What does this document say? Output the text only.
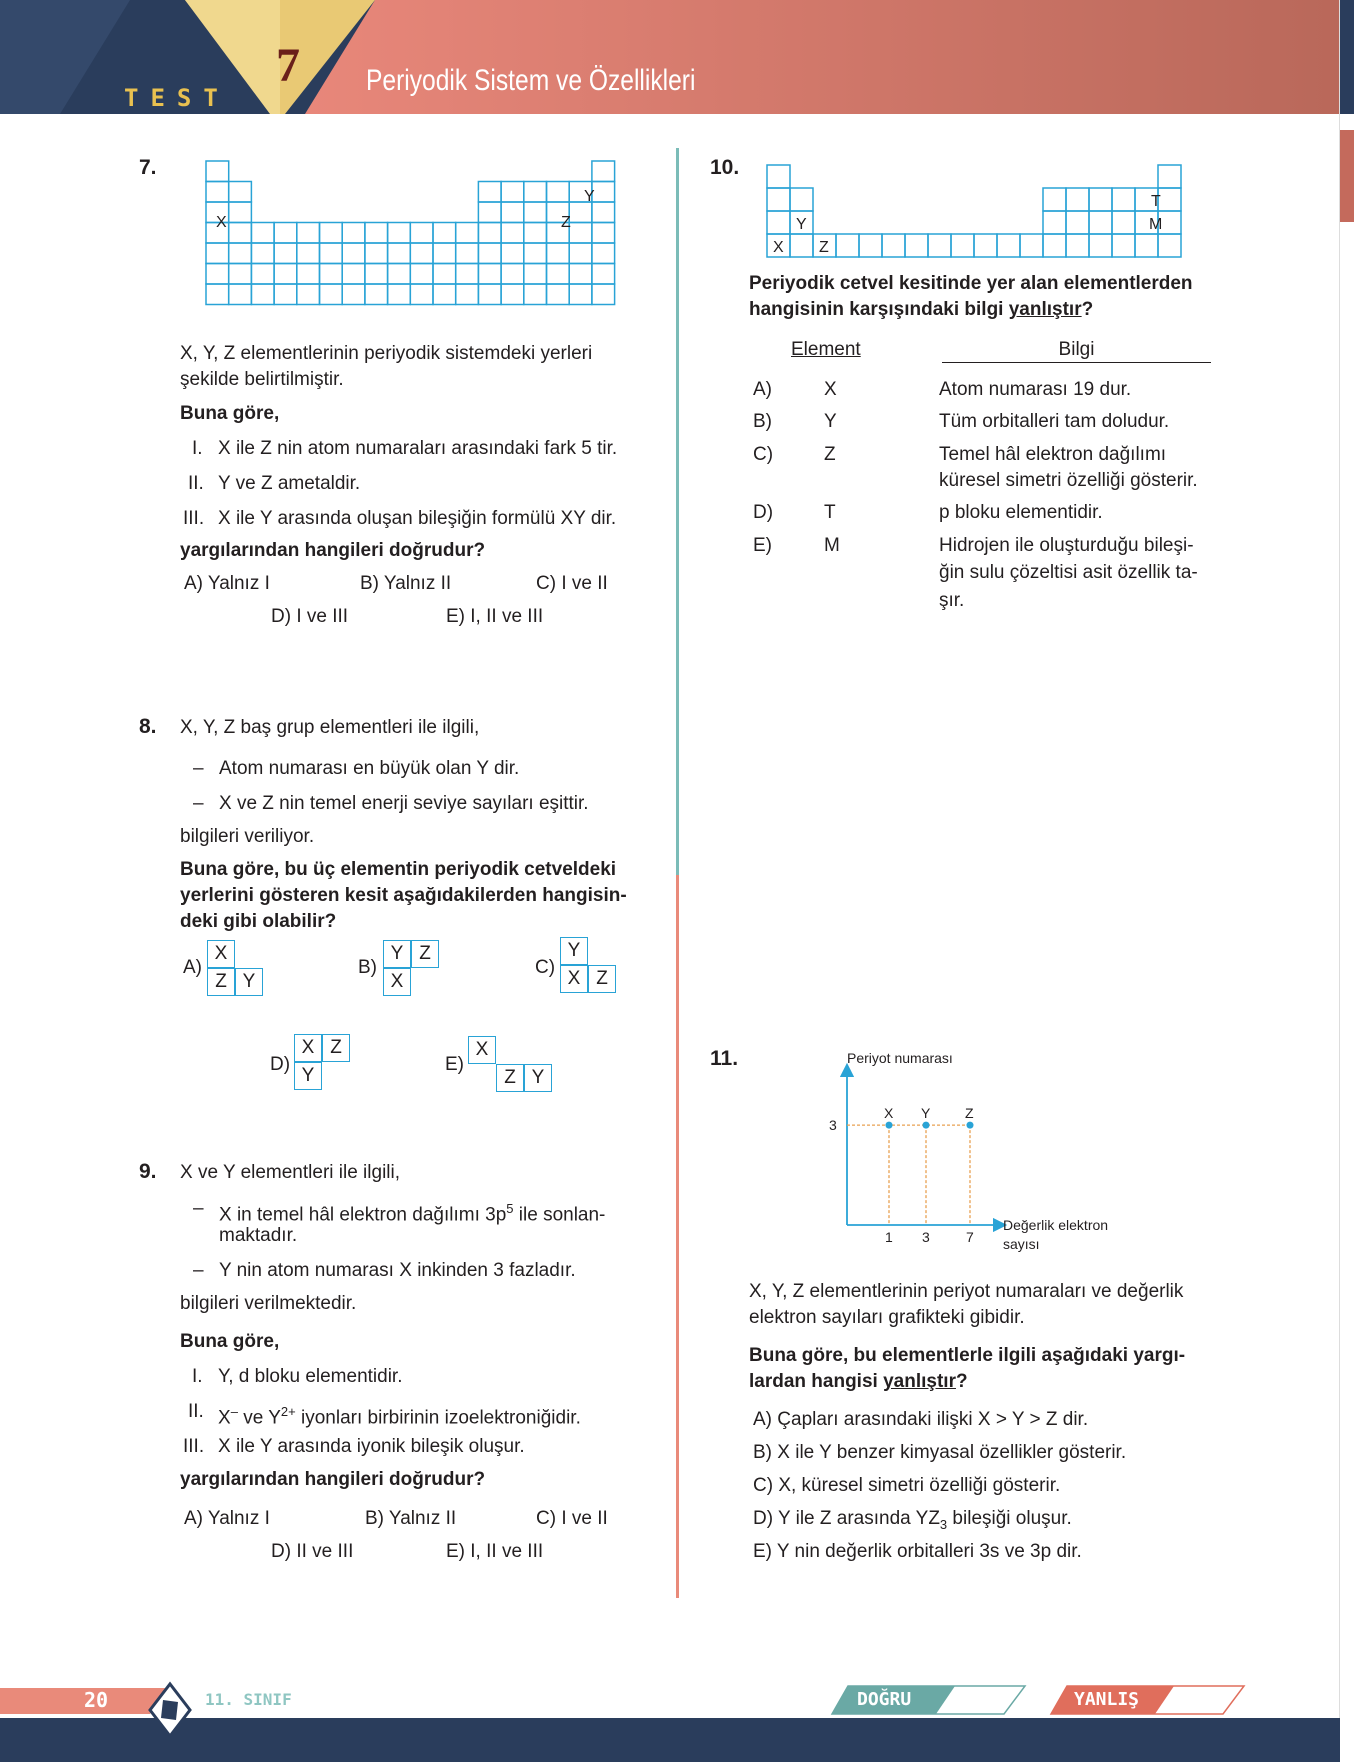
TEST
7 Periyodik Sistem ve Özellikleri
7.
X	Z
Y
X, Y, Z elementlerinin periyodik sistemdeki yerleri
şekilde belirtilmiştir.
Buna göre,
I. X ile Z nin atom numaraları arasındaki fark 5 tir.
II. Y ve Z ametaldir.
III. X ile Y arasında oluşan bileşiğin formülü XY dir.
yargılarından hangileri doğrudur?
A) Yalnız I	B) Yalnız II	C) I ve II
D) I ve III	E) I, II ve III
8. X, Y, Z baş grup elementleri ile ilgili,
– Atom numarası en büyük olan Y dir.
– X ve Z nin temel enerji seviye sayıları eşittir.
bilgileri veriliyor.
Buna göre, bu üç elementin periyodik cetveldeki
yerlerini gösteren kesit aşağıdakilerden hangisin-
deki gibi olabilir?
A)
X
Z Y
B)
Y Z
X
C)
Y
X Z
D)
X Z
Y
E)
X
Z Y
9. X ve Y elementleri ile ilgili,
– X in temel hâl elektron dağılımı $3p^5$ ile sonlan-
maktadır.
– Y nin atom numarası X inkinden 3 fazladır.
bilgileri verilmektedir.
Buna göre,
I. Y, d bloku elementidir.
II. X– ve $Y^{2+}$ iyonları birbirinin izoelektroniğidir.
III. X ile Y arasında iyonik bileşik oluşur.
yargılarından hangileri doğrudur?
A) Yalnız I	B) Yalnız II	C) I ve II
D) II ve III	E) I, II ve III
10.
Y
X Z
T
M
Periyodik cetvel kesitinde yer alan elementlerden
hangisinin karşışındaki bilgi yanlıştır?
Element	Bilgi
A)	X	Atom numarası 19 dur.
B)	Y	Tüm orbitalleri tam doludur.
C)	Z	Temel hâl elektron dağılımı
küresel simetri özelliği gösterir.
D)	T	p bloku elementidir.
E)	M	Hidrojen ile oluşturduğu bileşi-
ğin sulu çözeltisi asit özellik ta-
şır.
11.
X Y Z
1 3	7
3
Periyot numarası
Değerlik elektron
sayısı
X, Y, Z elementlerinin periyot numaraları ve değerlik
elektron sayıları grafikteki gibidir.
Buna göre, bu elementlerle ilgili aşağıdaki yargı-
lardan hangisi yanlıştır?
A) Çapları arasındaki ilişki X > Y > Z dir.
B) X ile Y benzer kimyasal özellikler gösterir.
C) X, küresel simetri özelliği gösterir.
D) Y ile Z arasında $YZ_3$ bileşiği oluşur.
E) Y nin değerlik orbitalleri 3s ve 3p dir.
20	11. SINIF	DOĞRU	YANLIŞ
